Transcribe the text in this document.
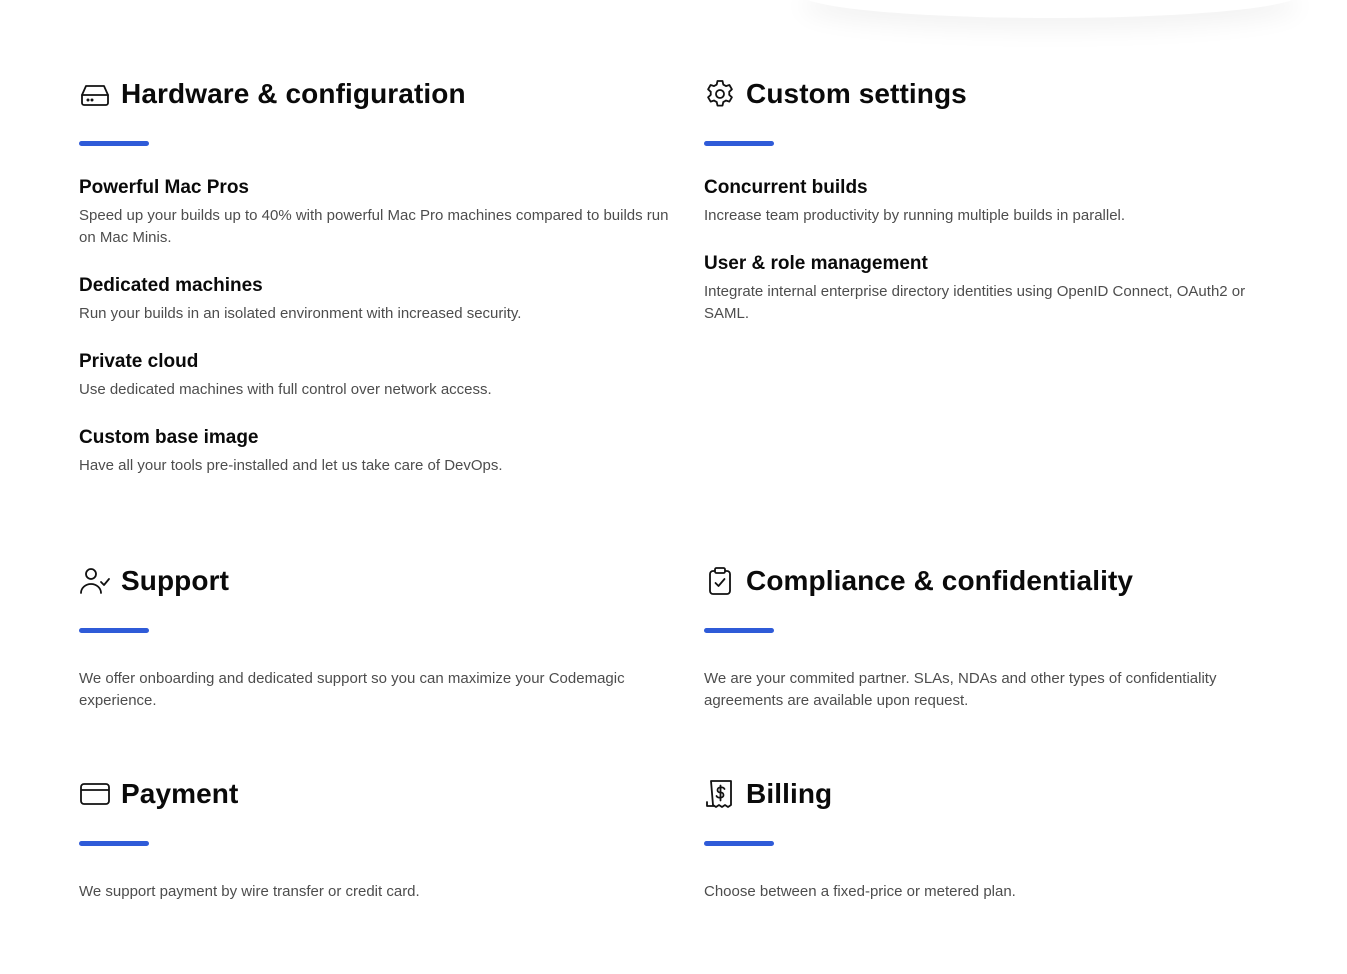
Hardware & configuration
Powerful Mac Pros
Speed up your builds up to 40% with powerful Mac Pro machines compared to builds run on Mac Minis.
Dedicated machines
Run your builds in an isolated environment with increased security.
Private cloud
Use dedicated machines with full control over network access.
Custom base image
Have all your tools pre-installed and let us take care of DevOps.
Custom settings
Concurrent builds
Increase team productivity by running multiple builds in parallel.
User & role management
Integrate internal enterprise directory identities using OpenID Connect, OAuth2 or SAML.
Support

We offer onboarding and dedicated support so you can maximize your Codemagic experience.

Compliance & confidentiality

We are your commited partner. SLAs, NDAs and other types of confidentiality agreements are available upon request.

Payment

We support payment by wire transfer or credit card.

Billing

Choose between a fixed-price or metered plan.
